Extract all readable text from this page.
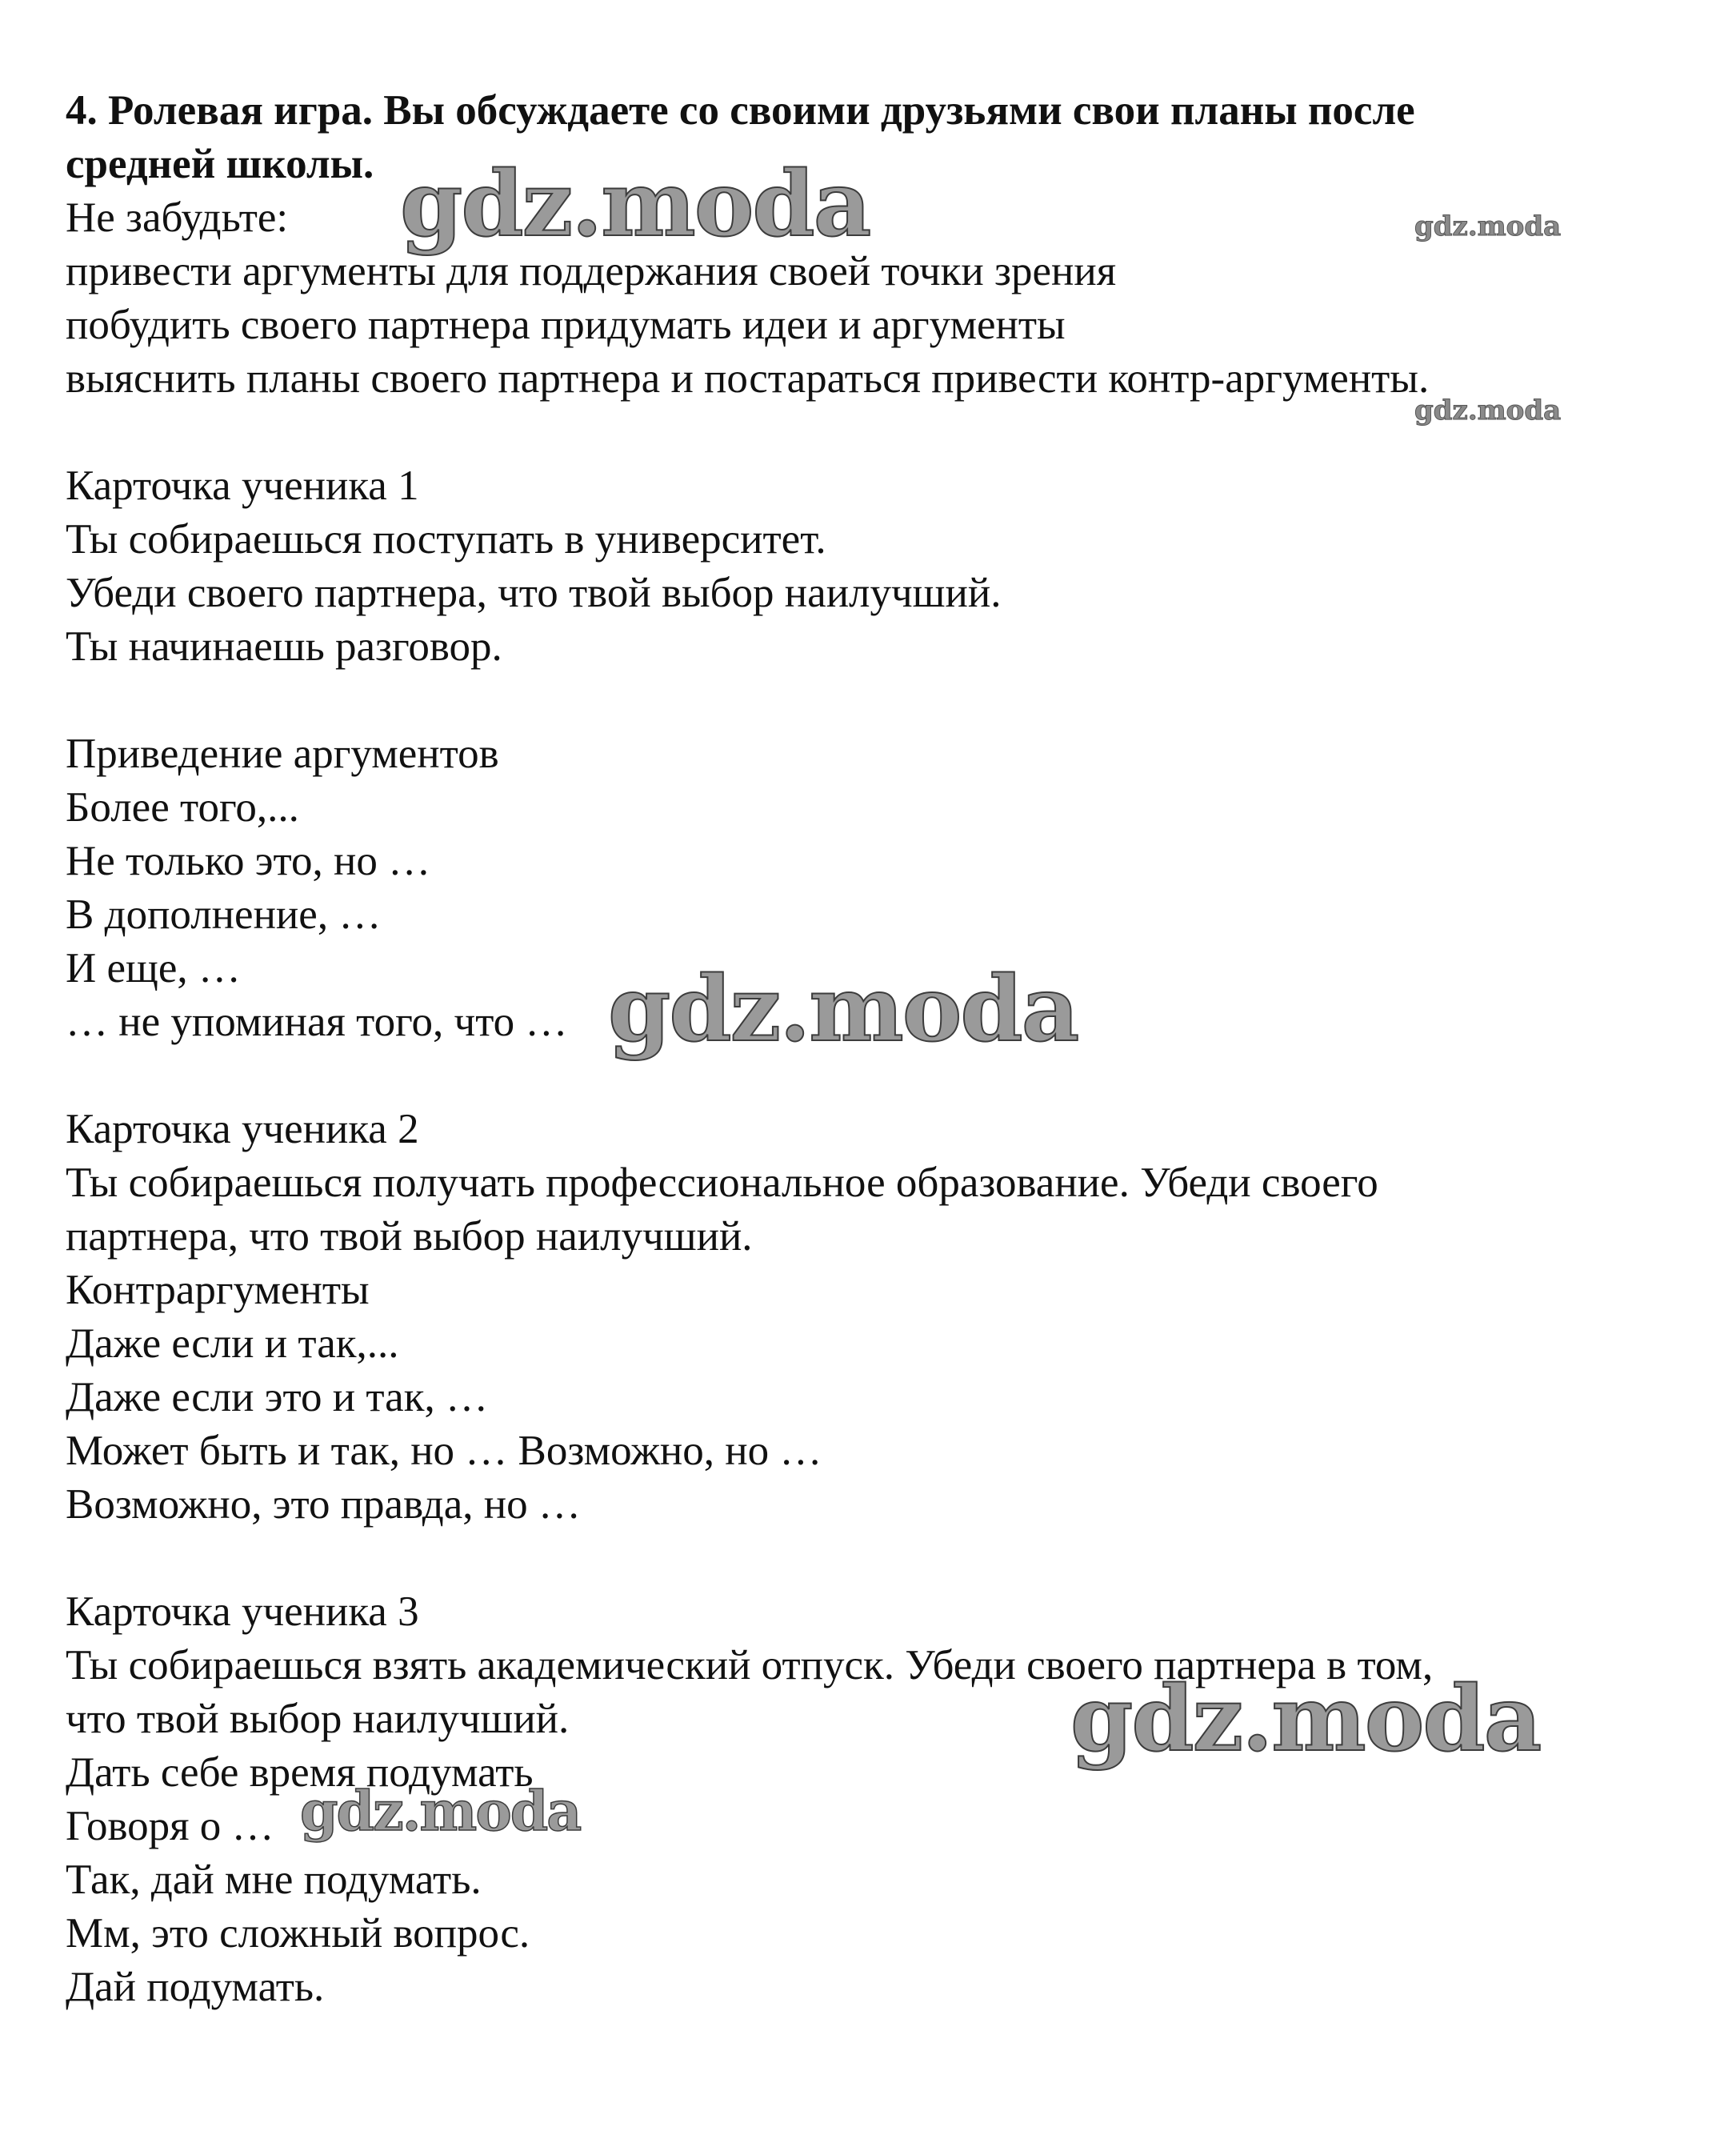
4. Ролевая игра. Вы обсуждаете со своими друзьями свои планы после
средней школы.
Не забудьте:
привести аргументы для поддержания своей точки зрения
побудить своего партнера придумать идеи и аргументы
выяснить планы своего партнера и постараться привести контр-аргументы.
Карточка ученика 1
Ты собираешься поступать в университет.
Убеди своего партнера, что твой выбор наилучший.
Ты начинаешь разговор.
Приведение аргументов
Более того,...
Не только это, но …
В дополнение, …
И еще, …
… не упоминая того, что …
Карточка ученика 2
Ты собираешься получать профессиональное образование. Убеди своего
партнера, что твой выбор наилучший.
Контраргументы
Даже если и так,...
Даже если это и так, …
Может быть и так, но … Возможно, но …
Возможно, это правда, но …
Карточка ученика 3
Ты собираешься взять академический отпуск. Убеди своего партнера в том,
что твой выбор наилучший.
Дать себе время подумать
Говоря о …
Так, дай мне подумать.
Мм, это сложный вопрос.
Дай подумать.
gdz.moda	gdz.moda
gdz.moda
gdz.moda
gdz.moda
gdz.moda
